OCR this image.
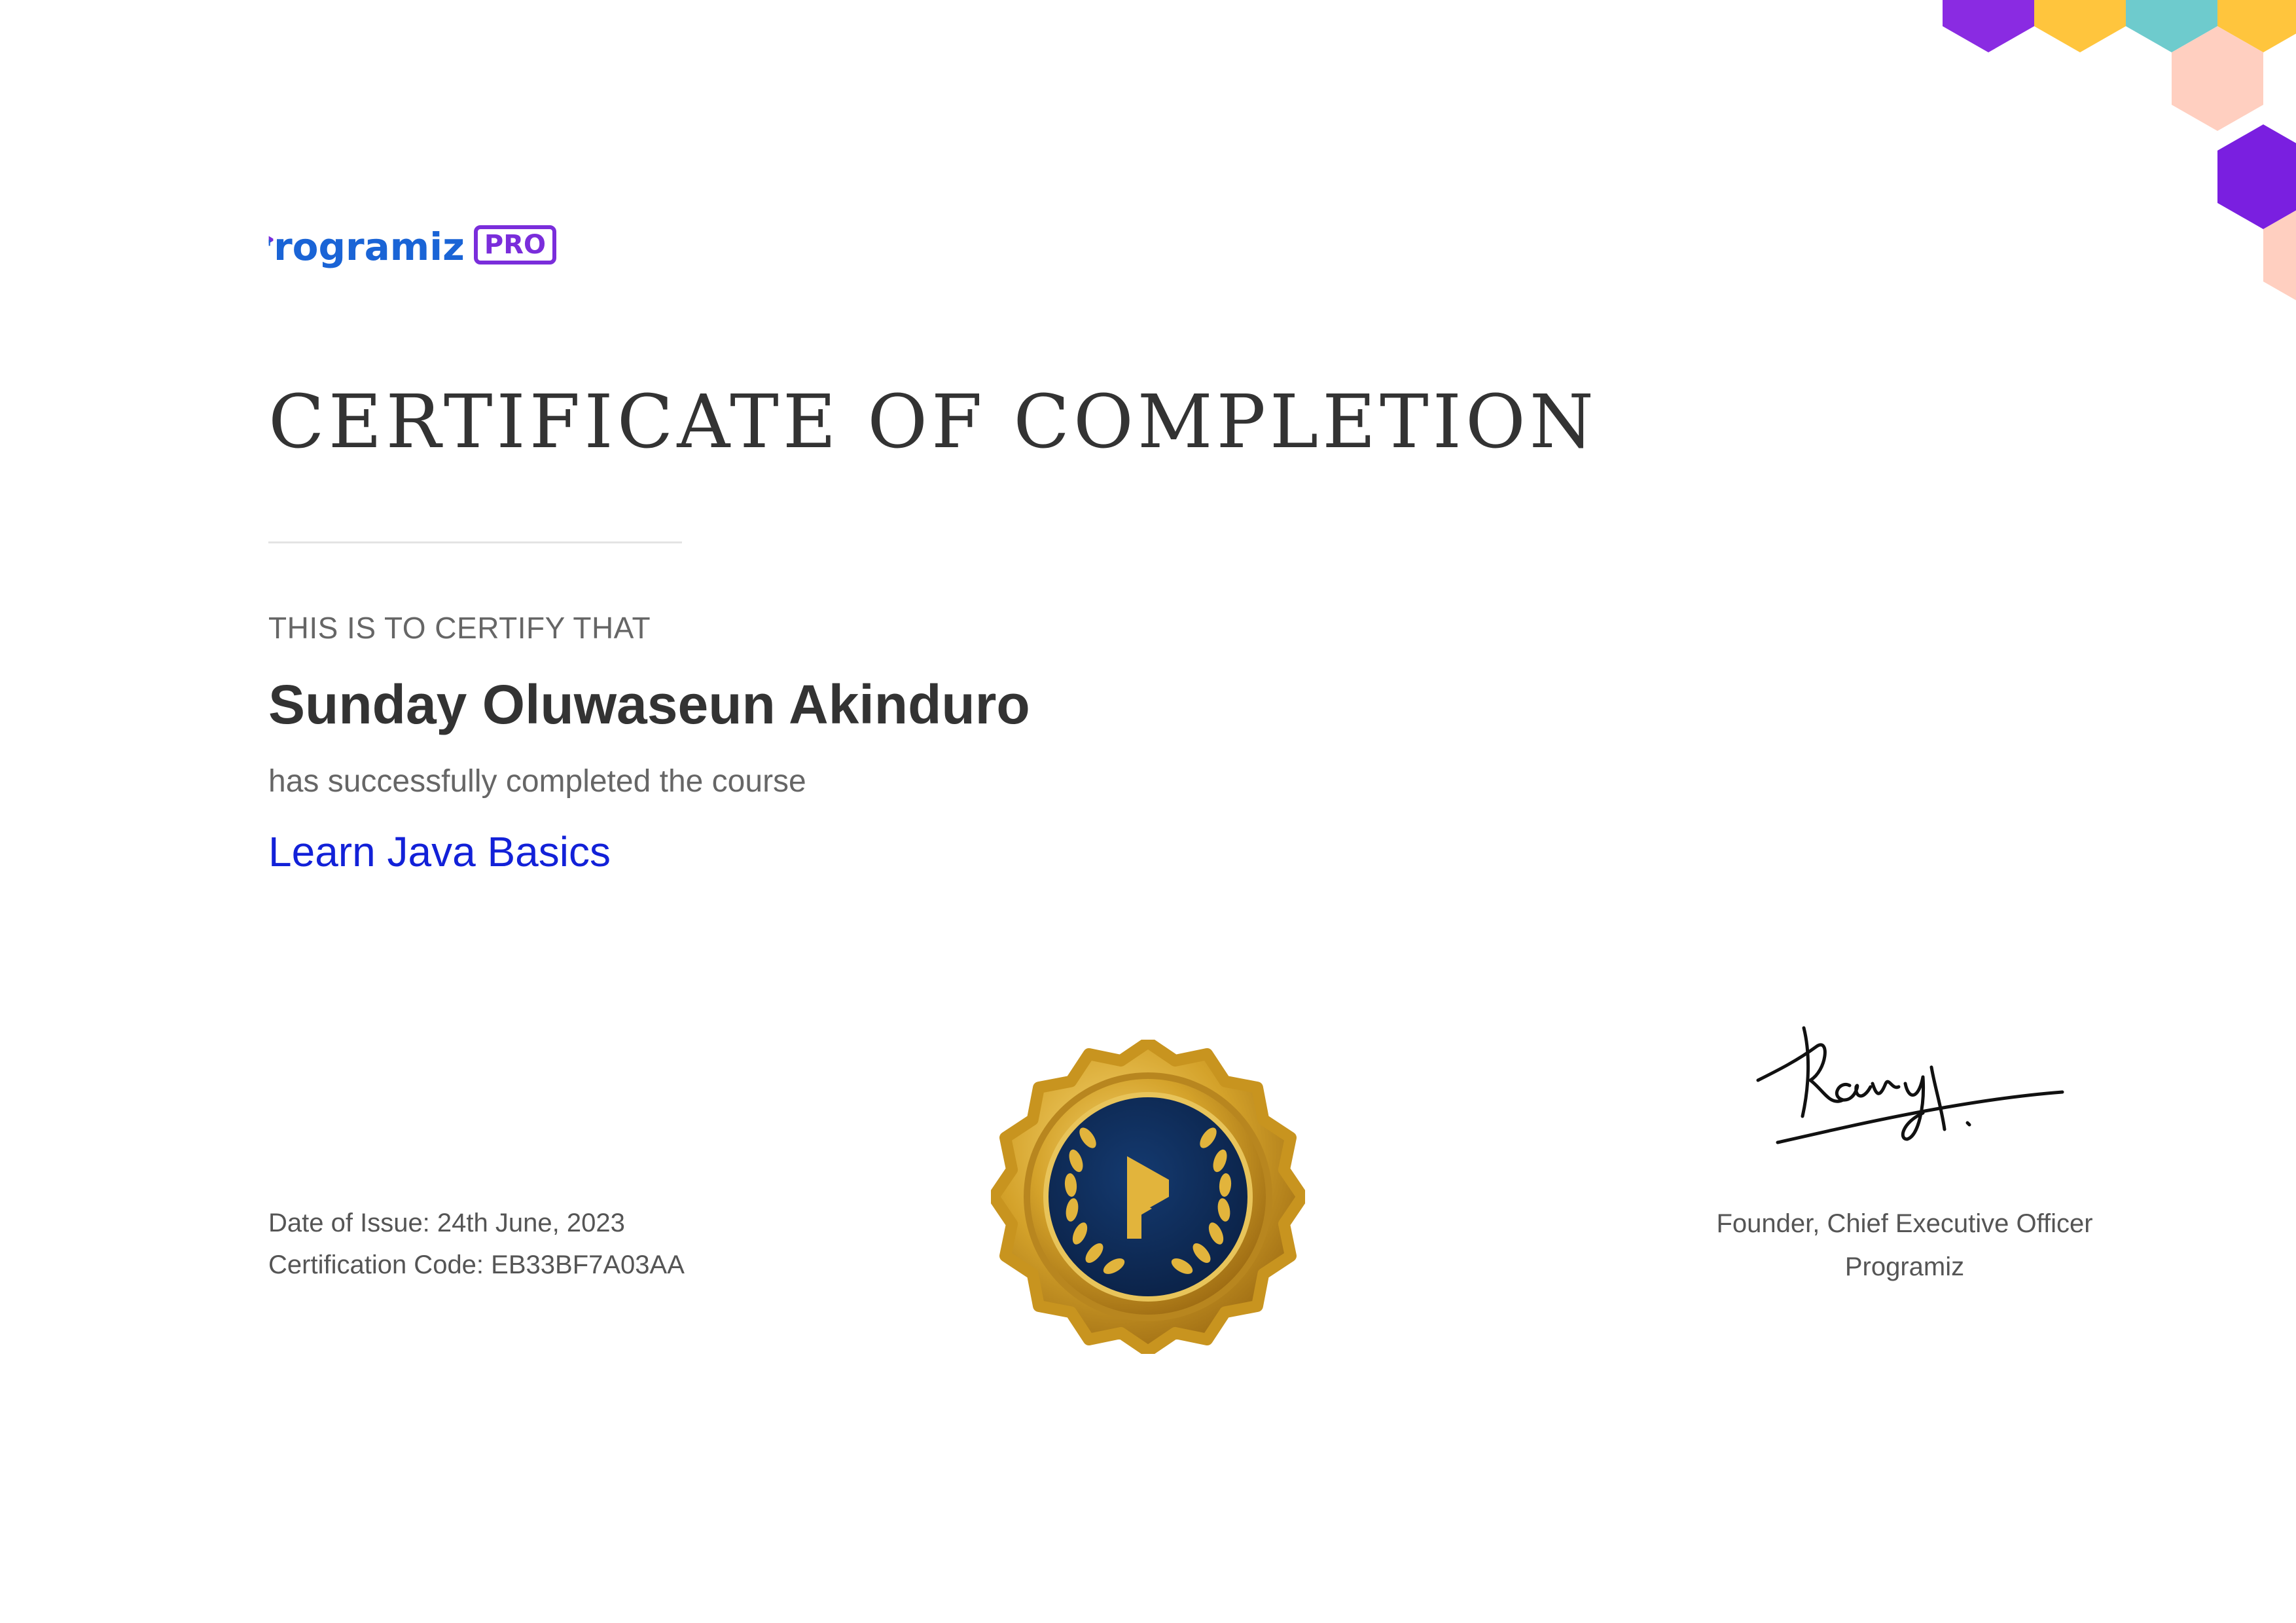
rogramiz PRO
CERTIFICATE OF COMPLETION
THIS IS TO CERTIFY THAT
Sunday Oluwaseun Akinduro
has successfully completed the course
Learn Java Basics
Date of Issue: 24th June, 2023
Certification Code: EB33BF7A03AA
Founder, Chief Executive Officer
Programiz
